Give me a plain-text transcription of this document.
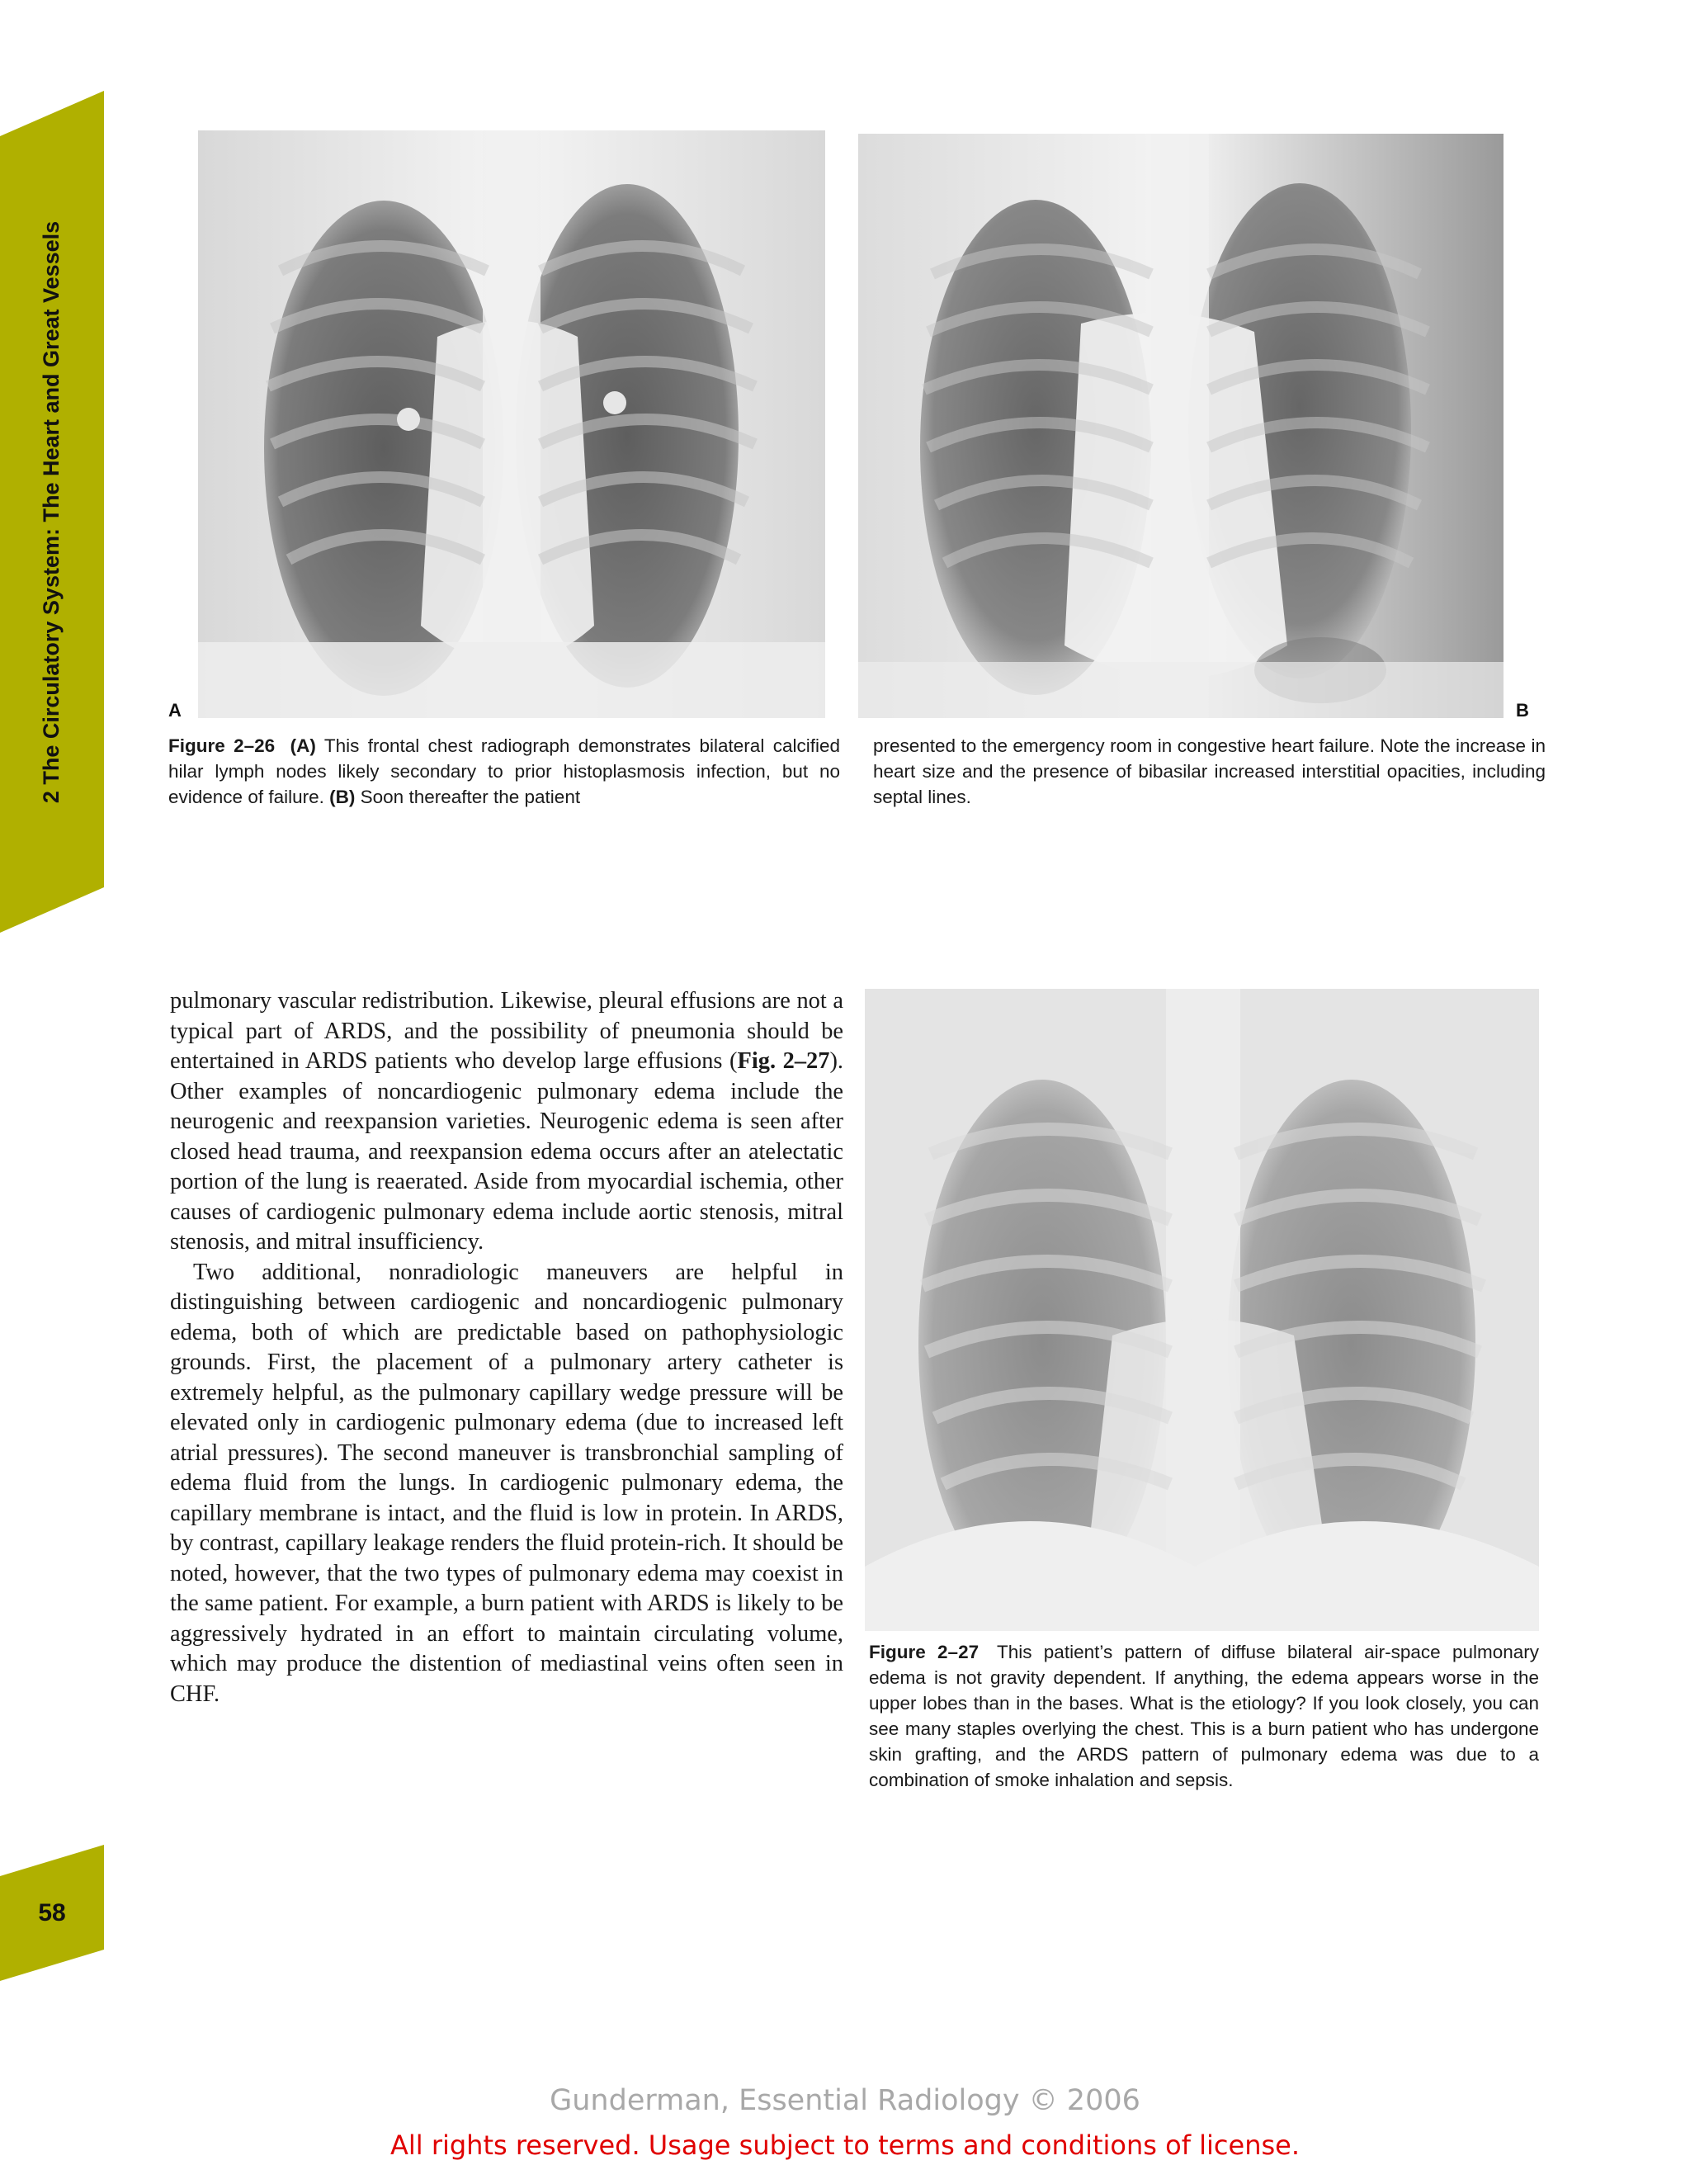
2 The Circulatory System: The Heart and Great Vessels	A	B
Figure 2–26 (A) This frontal chest radiograph demonstrates bilateral calcified hilar lymph nodes likely secondary to prior histoplasmosis infection, but no evidence of failure. (B) Soon thereafter the patient
presented to the emergency room in congestive heart failure. Note the increase in heart size and the presence of bibasilar increased interstitial opacities, including septal lines.

pulmonary vascular redistribution. Likewise, pleural effusions are not a typical part of ARDS, and the possibility of pneumonia should be entertained in ARDS patients who develop large effusions (Fig. 2–27). Other examples of noncardiogenic pulmonary edema include the neurogenic and reexpansion varieties. Neurogenic edema is seen after closed head trauma, and reexpansion edema occurs after an atelectatic portion of the lung is reaerated. Aside from myocardial ischemia, other causes of cardiogenic pulmonary edema include aortic stenosis, mitral stenosis, and mitral insufficiency.

Two additional, nonradiologic maneuvers are helpful in distinguishing between cardiogenic and noncardiogenic pulmonary edema, both of which are predictable based on pathophysiologic grounds. First, the placement of a pulmonary artery catheter is extremely helpful, as the pulmonary capillary wedge pressure will be elevated only in cardiogenic pulmonary edema (due to increased left atrial pressures). The second maneuver is transbronchial sampling of edema fluid from the lungs. In cardiogenic pulmonary edema, the capillary membrane is intact, and the fluid is low in protein. In ARDS, by contrast, capillary leakage renders the fluid protein-rich. It should be noted, however, that the two types of pulmonary edema may coexist in the same patient. For example, a burn patient with ARDS is likely to be aggressively hydrated in an effort to maintain circulating volume, which may produce the distention of mediastinal veins often seen in CHF.

Figure 2–27 This patient’s pattern of diffuse bilateral air-space pulmonary edema is not gravity dependent. If anything, the edema appears worse in the upper lobes than in the bases. What is the etiology? If you look closely, you can see many staples overlying the chest. This is a burn patient who has undergone skin grafting, and the ARDS pattern of pulmonary edema was due to a combination of smoke inhalation and sepsis.
58
Gunderman, Essential Radiology © 2006
All rights reserved. Usage subject to terms and conditions of license.
